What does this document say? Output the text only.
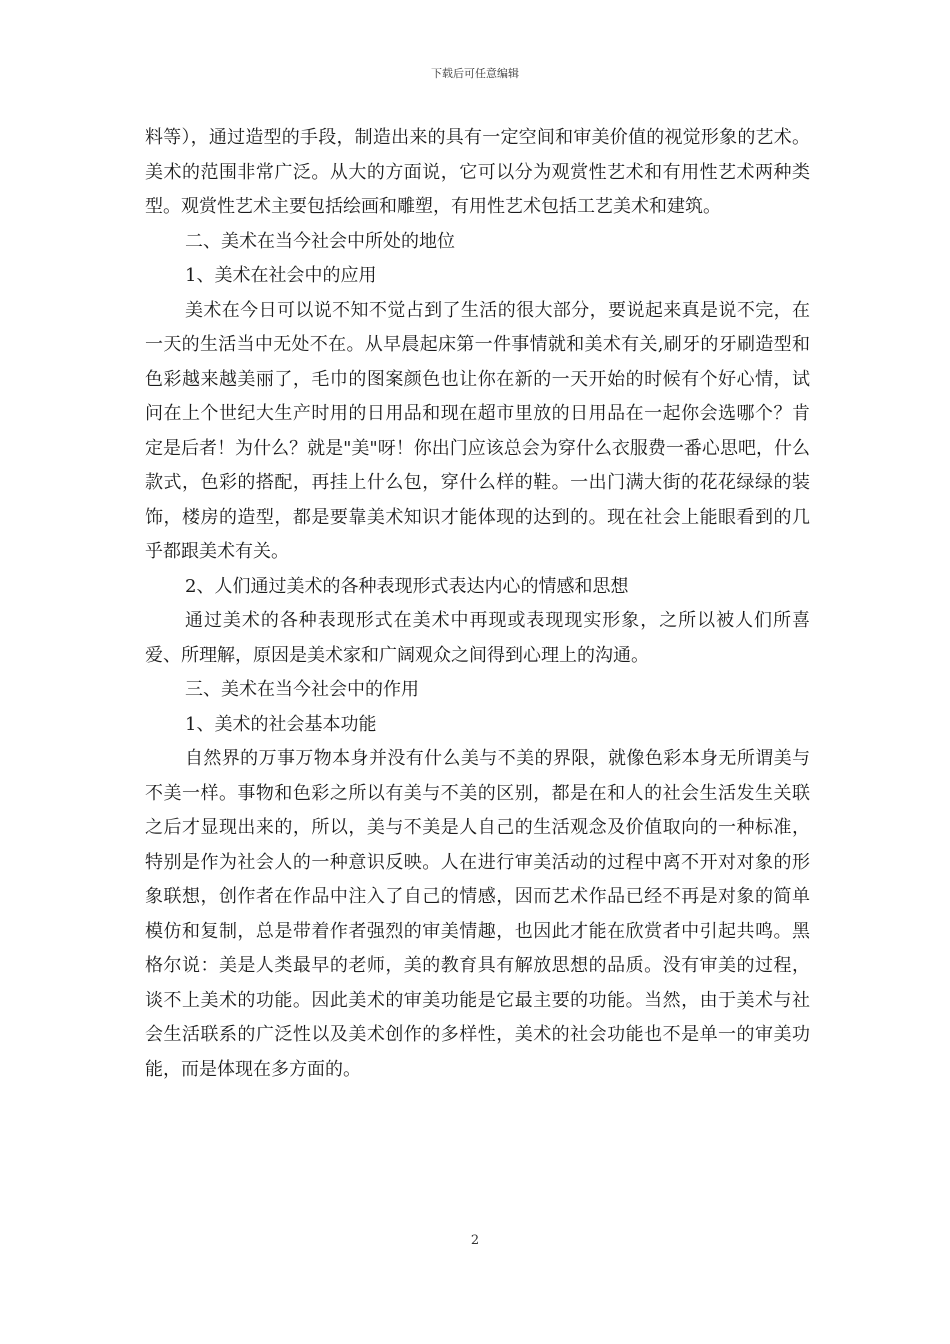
下载后可任意编辑

料等），通过造型的手段，制造出来的具有一定空间和审美价值的视觉形象的艺术。美术的范围非常广泛。从大的方面说，它可以分为观赏性艺术和有用性艺术两种类型。观赏性艺术主要包括绘画和雕塑，有用性艺术包括工艺美术和建筑。

二、美术在当今社会中所处的地位

1、美术在社会中的应用

美术在今日可以说不知不觉占到了生活的很大部分，要说起来真是说不完，在一天的生活当中无处不在。从早晨起床第一件事情就和美术有关,刷牙的牙刷造型和色彩越来越美丽了，毛巾的图案颜色也让你在新的一天开始的时候有个好心情，试问在上个世纪大生产时用的日用品和现在超市里放的日用品在一起你会选哪个？肯定是后者！为什么？就是"美"呀！你出门应该总会为穿什么衣服费一番心思吧，什么款式，色彩的搭配，再挂上什么包，穿什么样的鞋。一出门满大街的花花绿绿的装饰，楼房的造型，都是要靠美术知识才能体现的达到的。现在社会上能眼看到的几乎都跟美术有关。

2、人们通过美术的各种表现形式表达内心的情感和思想

通过美术的各种表现形式在美术中再现或表现现实形象，之所以被人们所喜爱、所理解，原因是美术家和广阔观众之间得到心理上的沟通。

三、美术在当今社会中的作用

1、美术的社会基本功能

自然界的万事万物本身并没有什么美与不美的界限，就像色彩本身无所谓美与不美一样。事物和色彩之所以有美与不美的区别，都是在和人的社会生活发生关联之后才显现出来的，所以，美与不美是人自己的生活观念及价值取向的一种标准，特别是作为社会人的一种意识反映。人在进行审美活动的过程中离不开对对象的形象联想，创作者在作品中注入了自己的情感，因而艺术作品已经不再是对象的简单模仿和复制，总是带着作者强烈的审美情趣，也因此才能在欣赏者中引起共鸣。黑格尔说：美是人类最早的老师，美的教育具有解放思想的品质。没有审美的过程，谈不上美术的功能。因此美术的审美功能是它最主要的功能。当然，由于美术与社会生活联系的广泛性以及美术创作的多样性，美术的社会功能也不是单一的审美功能，而是体现在多方面的。

2
